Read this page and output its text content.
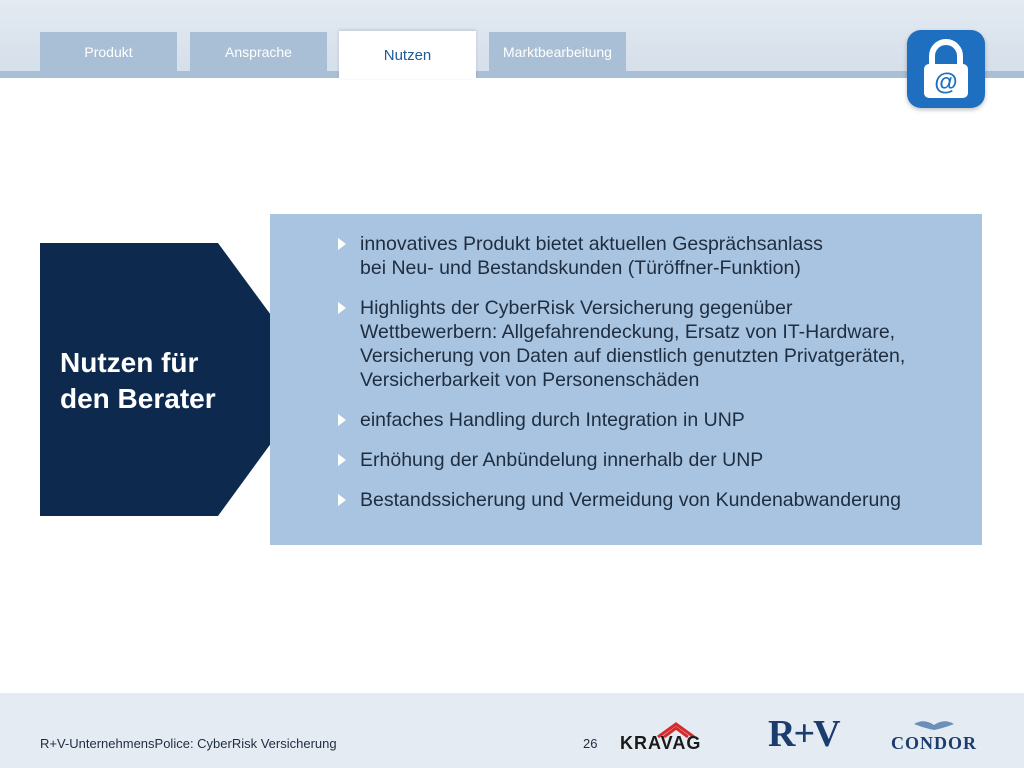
Produkt	Ansprache	Marktbearbeitung
Nutzen
@
Nutzen für
den Berater
innovatives Produkt bietet aktuellen Gesprächsanlass
bei Neu- und Bestandskunden (Türöffner-Funktion)
Highlights der CyberRisk Versicherung gegenüber
Wettbewerbern: Allgefahrendeckung, Ersatz von IT-Hardware,
Versicherung von Daten auf dienstlich genutzten Privatgeräten,
Versicherbarkeit von Personenschäden
einfaches Handling durch Integration in UNP
Erhöhung der Anbündelung innerhalb der UNP
Bestandssicherung und Vermeidung von Kundenabwanderung
R+V-UnternehmensPolice: CyberRisk Versicherung	26 KRAVAG R+V	CONDOR
